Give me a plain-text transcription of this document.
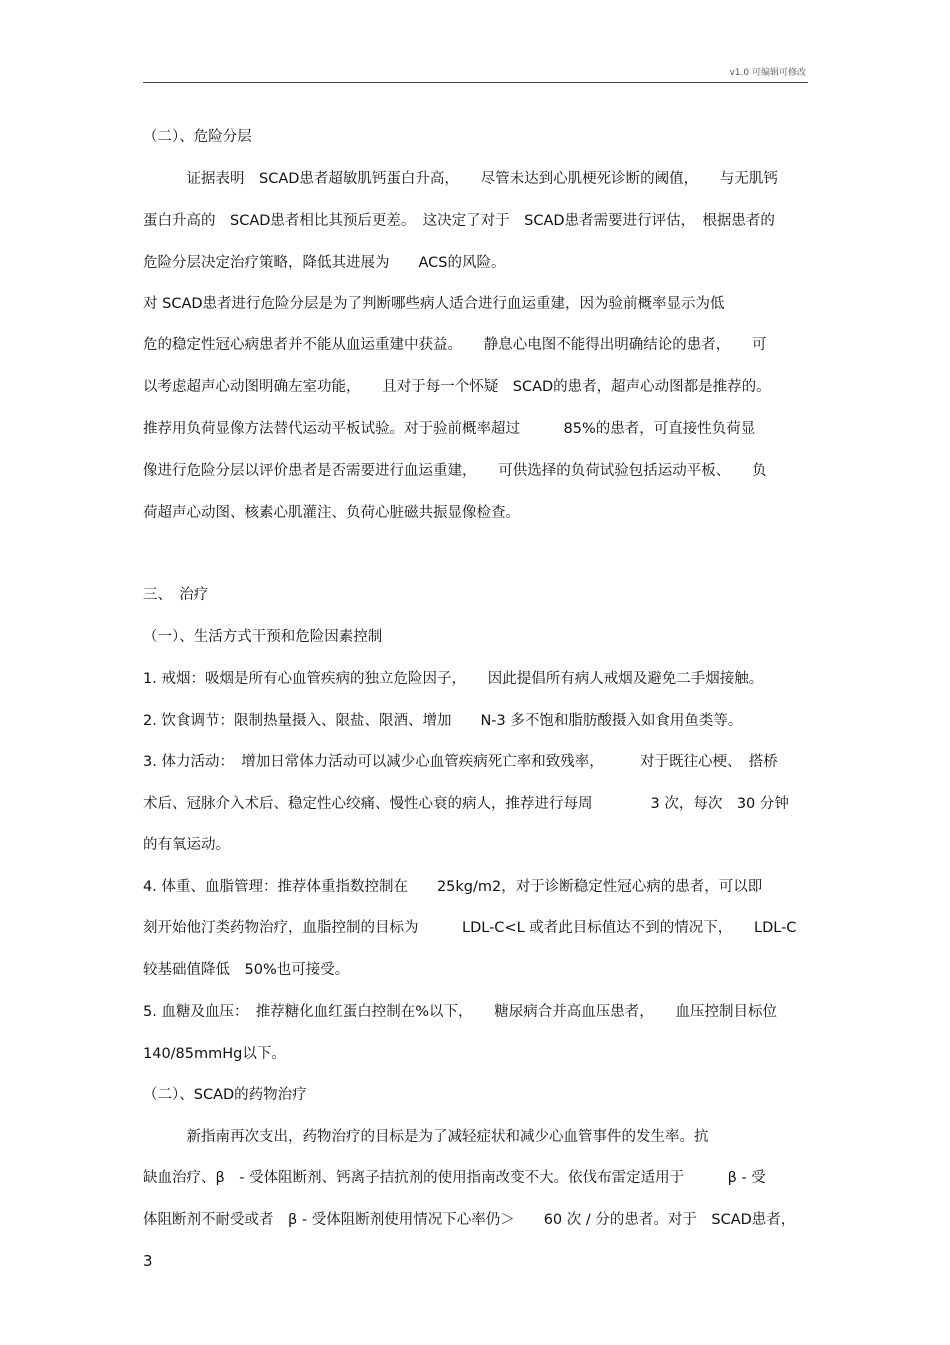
v1.0 可编辑可修改
（二）、危险分层
　　　证据表明　SCAD患者超敏肌钙蛋白升高，　　尽管未达到心肌梗死诊断的阈值，　　与无肌钙
蛋白升高的　SCAD患者相比其预后更差。　这决定了对于　SCAD患者需要进行评估，　根据患者的
危险分层决定治疗策略，降低其进展为　　ACS的风险。
对 SCAD患者进行危险分层是为了判断哪些病人适合进行血运重建，因为验前概率显示为低
危的稳定性冠心病患者并不能从血运重建中获益。　　静息心电图不能得出明确结论的患者，　　可
以考虑超声心动图明确左室功能，　　且对于每一个怀疑　SCAD的患者，超声心动图都是推荐的。
推荐用负荷显像方法替代运动平板试验。对于验前概率超过　　　85%的患者，可直接性负荷显
像进行危险分层以评价患者是否需要进行血运重建，　　可供选择的负荷试验包括运动平板、　　负
荷超声心动图、核素心肌灌注、负荷心脏磁共振显像检查。
三、　治疗
（一）、生活方式干预和危险因素控制
1. 戒烟：吸烟是所有心血管疾病的独立危险因子，　　因此提倡所有病人戒烟及避免二手烟接触。
2. 饮食调节：限制热量摄入、限盐、限酒、增加　　N-3 多不饱和脂肪酸摄入如食用鱼类等。
3. 体力活动：　增加日常体力活动可以减少心血管疾病死亡率和致残率，　　　对于既往心梗、　搭桥
术后、冠脉介入术后、稳定性心绞痛、慢性心衰的病人，推荐进行每周　　　　3 次，每次　30 分钟
的有氧运动。
4. 体重、血脂管理：推荐体重指数控制在　　25kg/m2，对于诊断稳定性冠心病的患者，可以即
刻开始他汀类药物治疗，血脂控制的目标为　　　LDL-C<L 或者此目标值达不到的情况下，　　LDL-C
较基础值降低　50%也可接受。
5. 血糖及血压：　推荐糖化血红蛋白控制在%以下，　　糖尿病合并高血压患者，　　血压控制目标位
140/85mmHg以下。
（二）、SCAD的药物治疗
　　　新指南再次支出，药物治疗的目标是为了减轻症状和减少心血管事件的发生率。抗
缺血治疗、β　- 受体阻断剂、钙离子拮抗剂的使用指南改变不大。依伐布雷定适用于　　　β - 受
体阻断剂不耐受或者　β - 受体阻断剂使用情况下心率仍＞　　60 次 / 分的患者。对于　SCAD患者，
3
